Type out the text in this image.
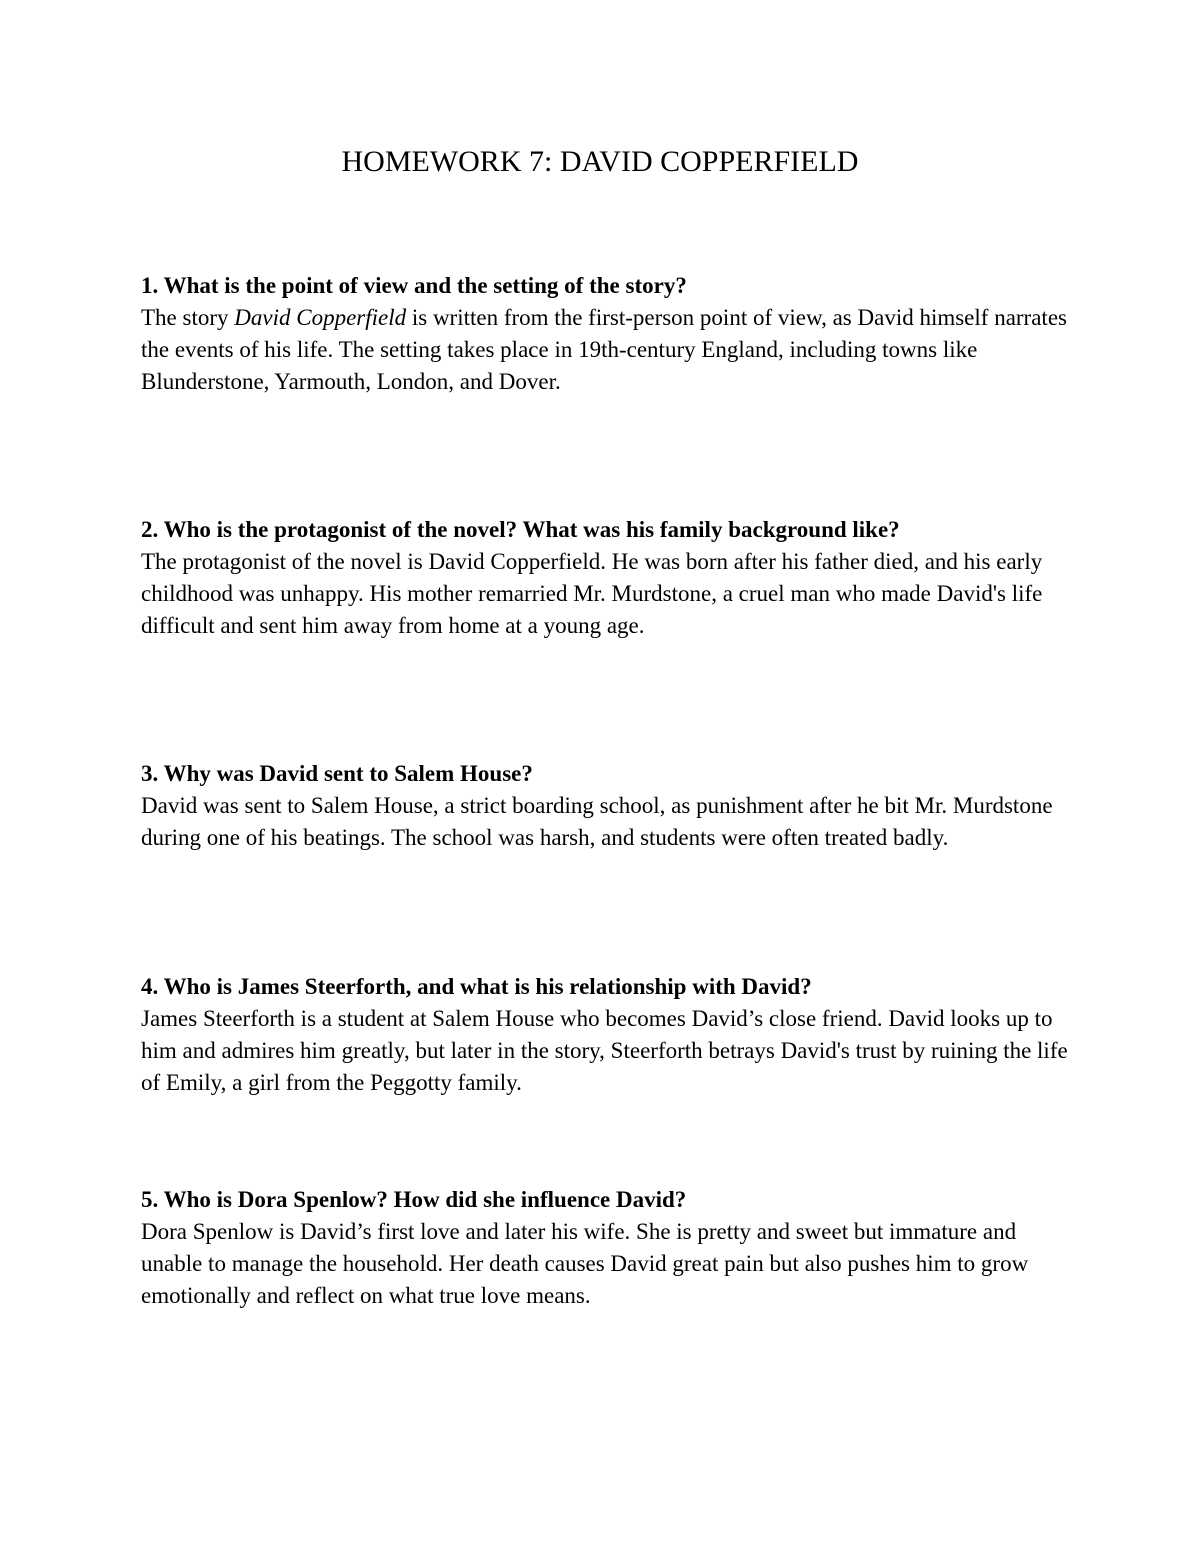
HOMEWORK 7: DAVID COPPERFIELD

1. What is the point of view and the setting of the story?

The story David Copperfield is written from the first-person point of view, as David himself narrates the events of his life. The setting takes place in 19th-century England, including towns like Blunderstone, Yarmouth, London, and Dover.

2. Who is the protagonist of the novel? What was his family background like?

The protagonist of the novel is David Copperfield. He was born after his father died, and his early childhood was unhappy. His mother remarried Mr. Murdstone, a cruel man who made David's life difficult and sent him away from home at a young age.

3. Why was David sent to Salem House?

David was sent to Salem House, a strict boarding school, as punishment after he bit Mr. Murdstone during one of his beatings. The school was harsh, and students were often treated badly.

4. Who is James Steerforth, and what is his relationship with David?

James Steerforth is a student at Salem House who becomes David’s close friend. David looks up to him and admires him greatly, but later in the story, Steerforth betrays David's trust by ruining the life of Emily, a girl from the Peggotty family.

5. Who is Dora Spenlow? How did she influence David?

Dora Spenlow is David’s first love and later his wife. She is pretty and sweet but immature and unable to manage the household. Her death causes David great pain but also pushes him to grow emotionally and reflect on what true love means.
